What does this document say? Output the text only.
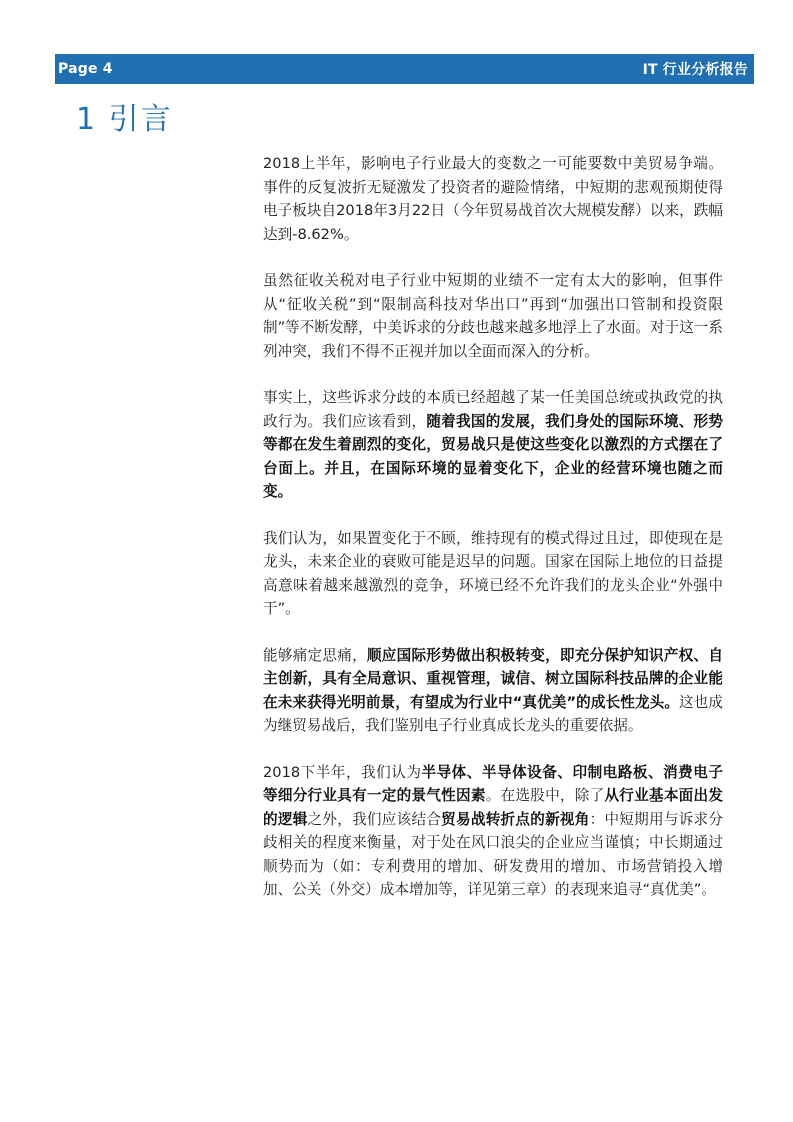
Page 4	IT 行业分析报告
1 引言

2018上半年，影响电子行业最大的变数之一可能要数中美贸易争端。事件的反复波折无疑激发了投资者的避险情绪，中短期的悲观预期使得电子板块自2018年3月22日（今年贸易战首次大规模发酵）以来，跌幅达到-8.62%。

虽然征收关税对电子行业中短期的业绩不一定有太大的影响，但事件从“征收关税”到“限制高科技对华出口”再到“加强出口管制和投资限制”等不断发酵，中美诉求的分歧也越来越多地浮上了水面。对于这一系列冲突，我们不得不正视并加以全面而深入的分析。

事实上，这些诉求分歧的本质已经超越了某一任美国总统或执政党的执政行为。我们应该看到，随着我国的发展，我们身处的国际环境、形势等都在发生着剧烈的变化，贸易战只是使这些变化以激烈的方式摆在了台面上。并且，在国际环境的显着变化下，企业的经营环境也随之而变。

我们认为，如果置变化于不顾，维持现有的模式得过且过，即使现在是龙头，未来企业的衰败可能是迟早的问题。国家在国际上地位的日益提高意味着越来越激烈的竞争，环境已经不允许我们的龙头企业“外强中干”。

能够痛定思痛，顺应国际形势做出积极转变，即充分保护知识产权、自主创新，具有全局意识、重视管理，诚信、树立国际科技品牌的企业能在未来获得光明前景，有望成为行业中“真优美”的成长性龙头。这也成为继贸易战后，我们鉴别电子行业真成长龙头的重要依据。

2018下半年，我们认为半导体、半导体设备、印制电路板、消费电子等细分行业具有一定的景气性因素。在选股中，除了从行业基本面出发的逻辑之外，我们应该结合贸易战转折点的新视角：中短期用与诉求分歧相关的程度来衡量，对于处在风口浪尖的企业应当谨慎；中长期通过顺势而为（如：专利费用的增加、研发费用的增加、市场营销投入增加、公关（外交）成本增加等，详见第三章）的表现来追寻“真优美”。
